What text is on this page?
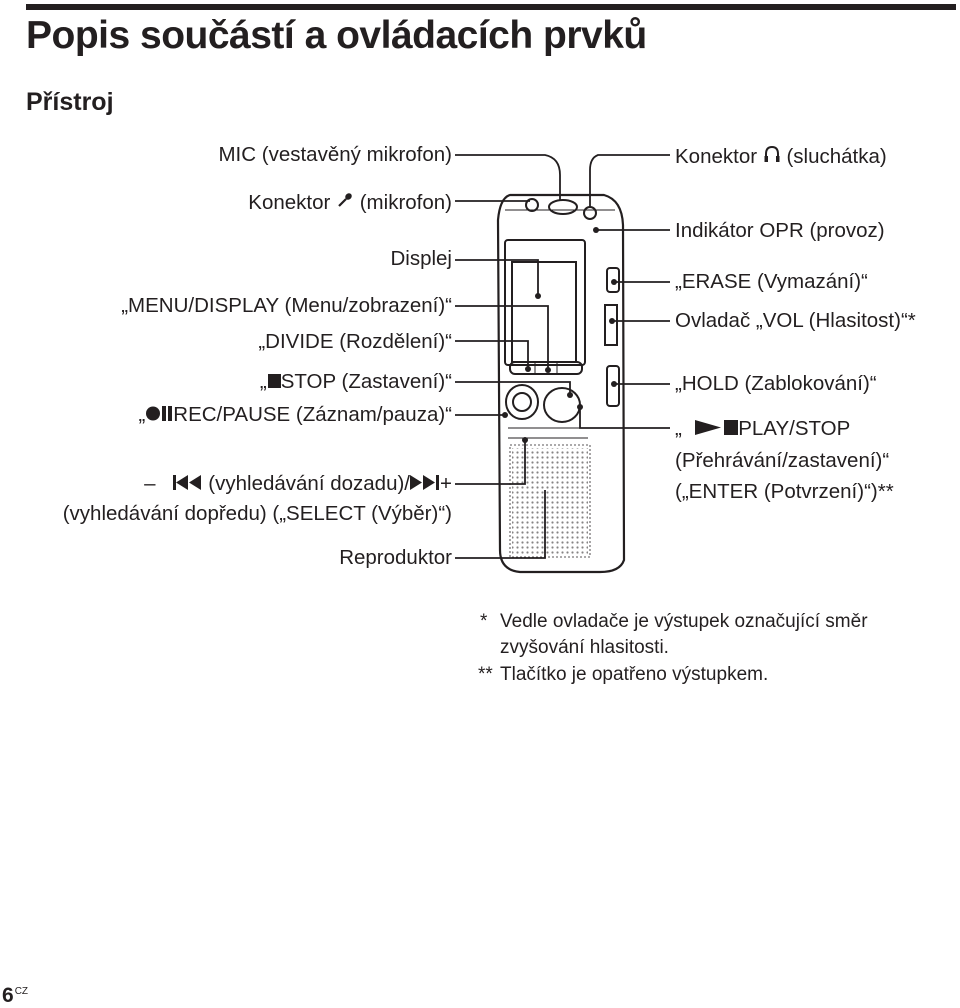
Popis součástí a ovládacích prvků
Přístroj
MIC (vestavěný mikrofon)
Konektor (mikrofon)
Displej
„MENU/DISPLAY (Menu/zobrazení)“
„DIVIDE (Rozdělení)“
„ STOP (Zastavení)“
„ REC/PAUSE (Záznam/pauza)“
–	(vyhledávání dozadu)/ +
(vyhledávání dopředu) („SELECT (Výběr)“)
Reproduktor
Konektor (sluchátka)
Indikátor OPR (provoz)
„ERASE (Vymazání)“
Ovladač „VOL (Hlasitost)“*
„HOLD (Zablokování)“
„	PLAY/STOP
(Přehrávání/zastavení)“
(„ENTER (Potvrzení)“)**
* Vedle ovladače je výstupek označující směr
zvyšování hlasitosti.
** Tlačítko je opatřeno výstupkem.
$6^{CZ}$
